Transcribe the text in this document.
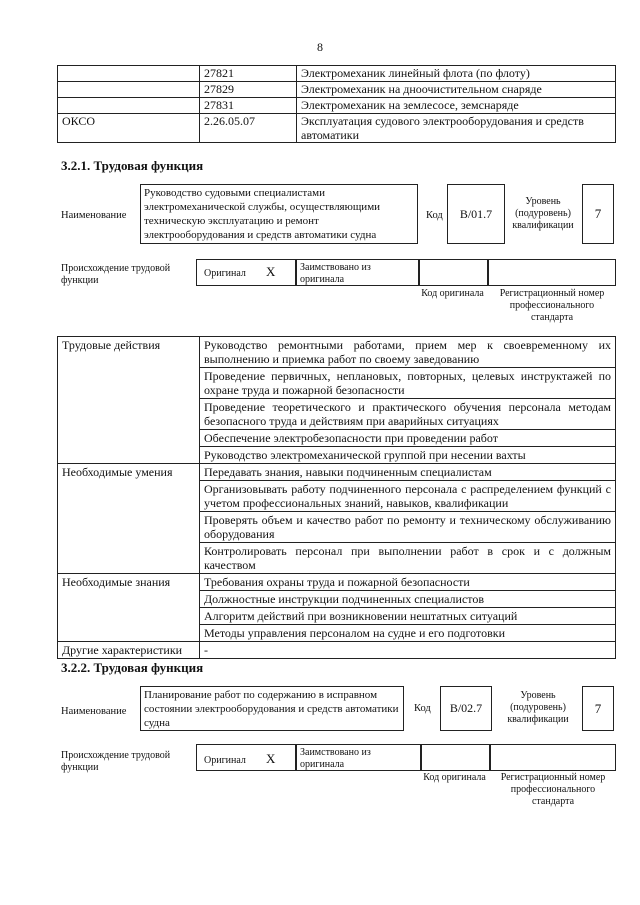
8
	27821	Электромеханик линейный флота (по флоту)
	27829	Электромеханик на дноочистительном снаряде
	27831	Электромеханик на землесосе, земснаряде
ОКСО	2.26.05.07	Эксплуатация судового электрооборудования и средств автоматики
3.2.1. Трудовая функция
Наименование
Руководство судовыми специалистами электромеханической службы, осуществляющими техническую эксплуатацию и ремонт электрооборудования и средств автоматики судна
Код	B/01.7
Уровень (подуровень) квалификации
7
Происхождение трудовой функции
Оригинал X Заимствовано из оригинала
Код оригинала	Регистрационный номер профессионального стандарта
Трудовые действия	Руководство ремонтными работами, прием мер к своевременному их выполнению и приемка работ по своему заведованию
	Проведение первичных, неплановых, повторных, целевых инструктажей по охране труда и пожарной безопасности
	Проведение теоретического и практического обучения персонала методам безопасного труда и действиям при аварийных ситуациях
	Обеспечение электробезопасности при проведении работ
	Руководство электромеханической группой при несении вахты
Необходимые умения	Передавать знания, навыки подчиненным специалистам
	Организовывать работу подчиненного персонала с распределением функций с учетом профессиональных знаний, навыков, квалификации
	Проверять объем и качество работ по ремонту и техническому обслуживанию оборудования
	Контролировать персонал при выполнении работ в срок и с должным качеством
Необходимые знания	Требования охраны труда и пожарной безопасности
	Должностные инструкции подчиненных специалистов
	Алгоритм действий при возникновении нештатных ситуаций
	Методы управления персоналом на судне и его подготовки
Другие характеристики	-
3.2.2. Трудовая функция
Наименование
Планирование работ по содержанию в исправном состоянии электрооборудования и средств автоматики судна
Код	B/02.7
Уровень (подуровень) квалификации
7
Происхождение трудовой функции
Оригинал X Заимствовано из оригинала
Код оригинала	Регистрационный номер профессионального стандарта
